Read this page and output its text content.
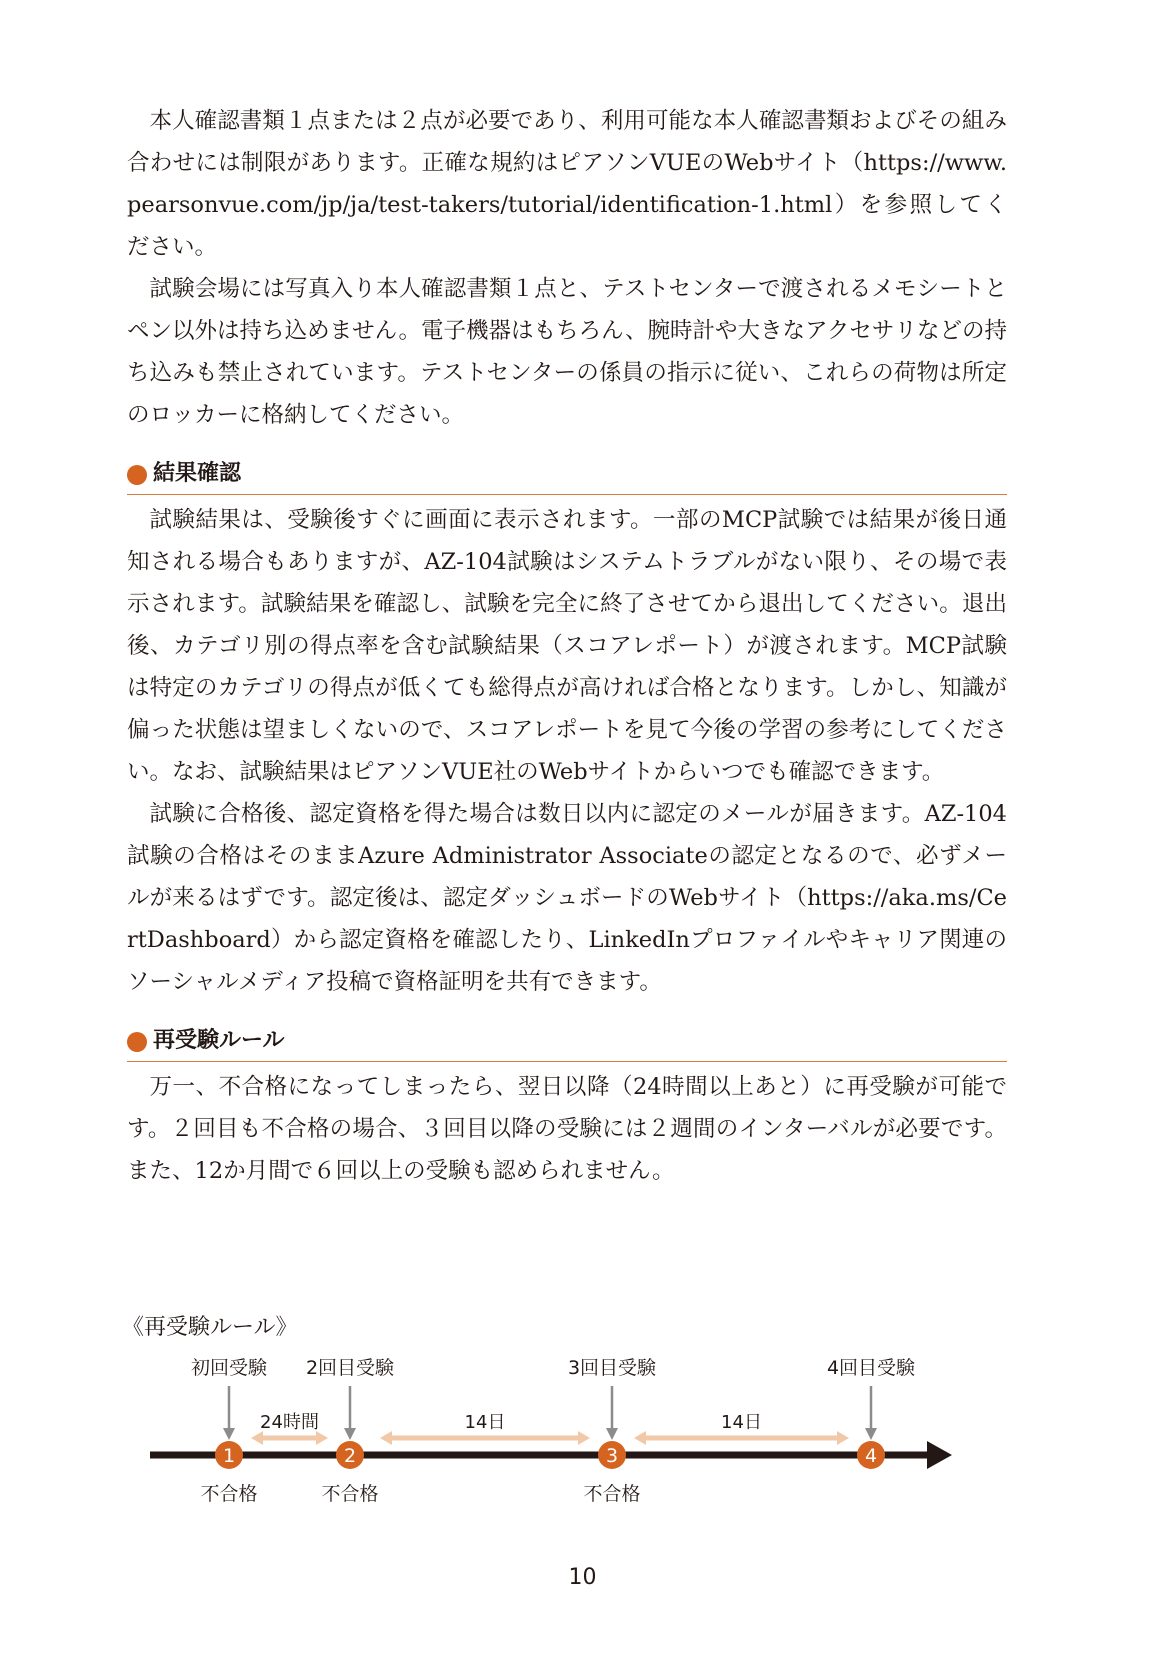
本人確認書類１点または２点が必要であり、利用可能な本人確認書類およびその組み合わせには制限があります。正確な規約はピアソンVUEのWebサイト（https://www.pearsonvue.com/jp/ja/test-takers/tutorial/identification-1.html）を参照してください。

試験会場には写真入り本人確認書類１点と、テストセンターで渡されるメモシートとペン以外は持ち込めません。電子機器はもちろん、腕時計や大きなアクセサリなどの持ち込みも禁止されています。テストセンターの係員の指示に従い、これらの荷物は所定のロッカーに格納してください。

結果確認

試験結果は、受験後すぐに画面に表示されます。一部のMCP試験では結果が後日通知される場合もありますが、AZ-104試験はシステムトラブルがない限り、その場で表示されます。試験結果を確認し、試験を完全に終了させてから退出してください。退出後、カテゴリ別の得点率を含む試験結果（スコアレポート）が渡されます。MCP試験は特定のカテゴリの得点が低くても総得点が高ければ合格となります。しかし、知識が偏った状態は望ましくないので、スコアレポートを見て今後の学習の参考にしてください。なお、試験結果はピアソンVUE社のWebサイトからいつでも確認できます。

試験に合格後、認定資格を得た場合は数日以内に認定のメールが届きます。AZ-104試験の合格はそのままAzure Administrator Associateの認定となるので、必ずメールが来るはずです。認定後は、認定ダッシュボードのWebサイト（https://aka.ms/CertDashboard）から認定資格を確認したり、LinkedInプロファイルやキャリア関連のソーシャルメディア投稿で資格証明を共有できます。

再受験ルール

万一、不合格になってしまったら、翌日以降（24時間以上あと）に再受験が可能です。２回目も不合格の場合、３回目以降の受験には２週間のインターバルが必要です。また、12か月間で６回以上の受験も認められません。

《再受験ルール》
24時間	14日	14日
初回受験
1
不合格
2回目受験
2
不合格
3回目受験
3
不合格
4回目受験
4
10
